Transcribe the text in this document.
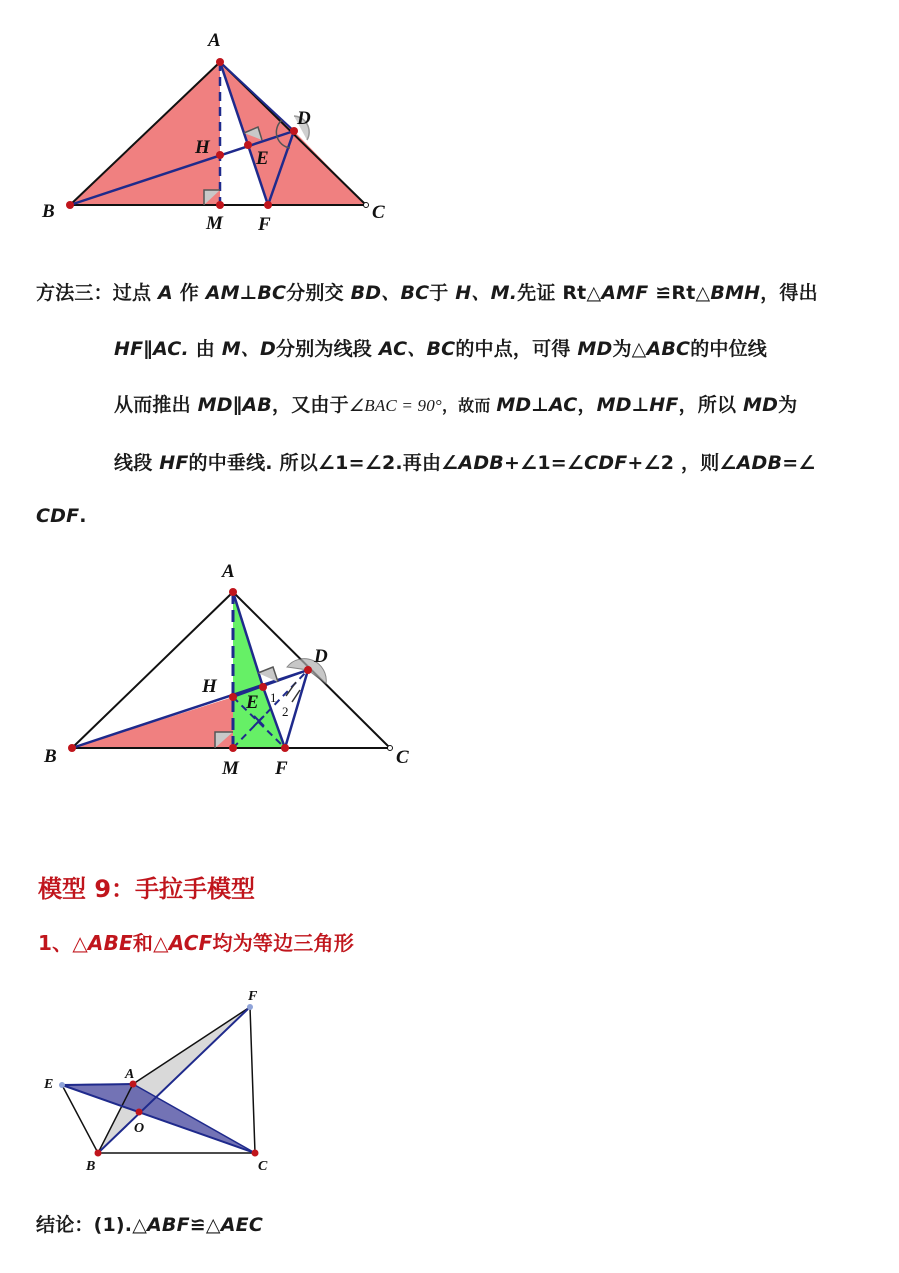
A
B	C
D
E
F
H
M
方法三：过点 A 作 AM⊥BC分别交 BD、BC于 H、M.先证 Rt△AMF ≌Rt△BMH，得出
HF∥AC. 由 M、D分别为线段 AC、BC的中点，可得 MD为△ABC的中位线
从而推出 MD∥AB，又由于∠BAC = 90°，故而 MD⊥AC，MD⊥HF，所以 MD为
线段 HF的中垂线. 所以∠1=∠2.再由∠ADB+∠1=∠CDF+∠2 ，则∠ADB=∠
CDF.
1
2
A
B	C
D
E
F
H
M
模型 9：手拉手模型
1、△ABE和△ACF均为等边三角形
A
B	C
E
F
O
结论：(1).△ABF≌△AEC
